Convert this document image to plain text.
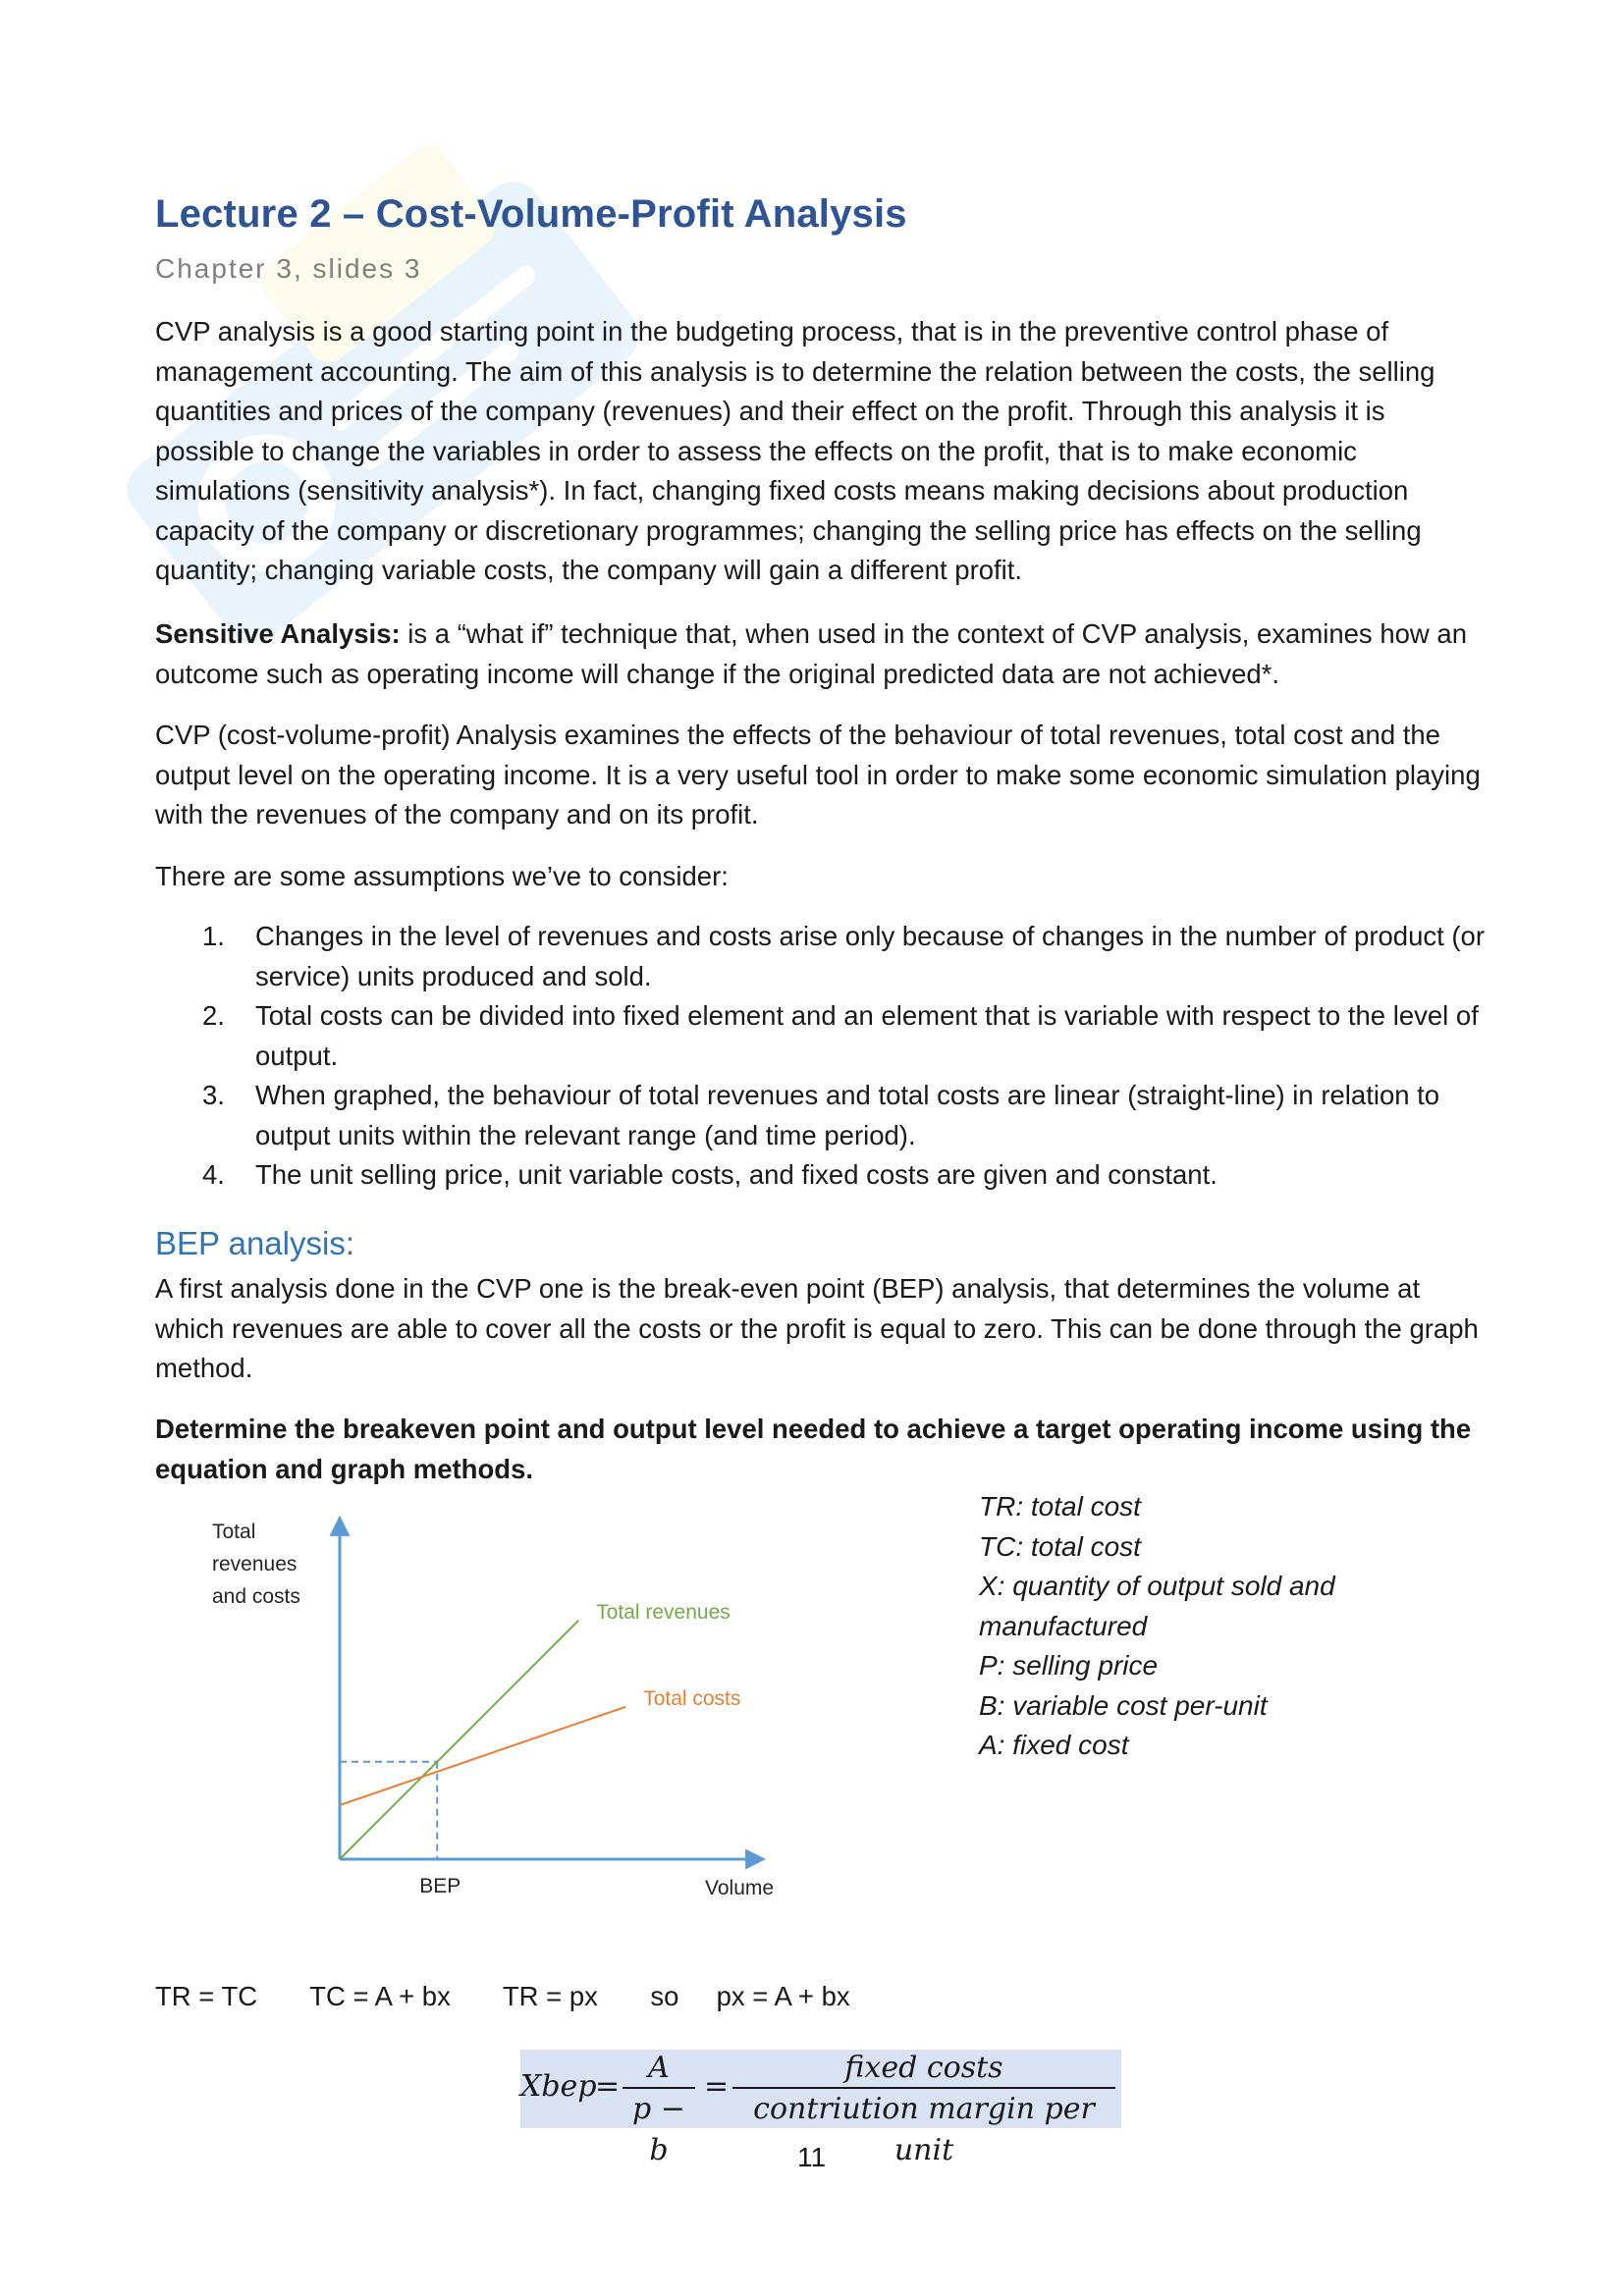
Lecture 2 – Cost-Volume-Profit Analysis
Chapter 3, slides 3

CVP analysis is a good starting point in the budgeting process, that is in the preventive control phase of management accounting. The aim of this analysis is to determine the relation between the costs, the selling quantities and prices of the company (revenues) and their effect on the profit. Through this analysis it is possible to change the variables in order to assess the effects on the profit, that is to make economic simulations (sensitivity analysis*). In fact, changing fixed costs means making decisions about production capacity of the company or discretionary programmes; changing the selling price has effects on the selling quantity; changing variable costs, the company will gain a different profit.

Sensitive Analysis: is a “what if” technique that, when used in the context of CVP analysis, examines how an outcome such as operating income will change if the original predicted data are not achieved*.

CVP (cost-volume-profit) Analysis examines the effects of the behaviour of total revenues, total cost and the output level on the operating income. It is a very useful tool in order to make some economic simulation playing with the revenues of the company and on its profit.

There are some assumptions we’ve to consider:

1. Changes in the level of revenues and costs arise only because of changes in the number of product (or service) units produced and sold.
2. Total costs can be divided into fixed element and an element that is variable with respect to the level of output.
3. When graphed, the behaviour of total revenues and total costs are linear (straight-line) in relation to output units within the relevant range (and time period).
4. The unit selling price, unit variable costs, and fixed costs are given and constant.
BEP analysis:

A first analysis done in the CVP one is the break-even point (BEP) analysis, that determines the volume at which revenues are able to cover all the costs or the profit is equal to zero. This can be done through the graph method.

Determine the breakeven point and output level needed to achieve a target operating income using the equation and graph methods.

Total
revenues
and costs
Total revenues
Total costs
BEP	Volume
TR: total cost
TC: total cost
X: quantity of output sold and manufactured
P: selling price
B: variable cost per-unit
A: fixed cost
TR = TC       TC = A + bx       TR = px       so     px = A + bx
Xbep
=
A
p − b
=
fixed costs
contriution margin per unit
11
